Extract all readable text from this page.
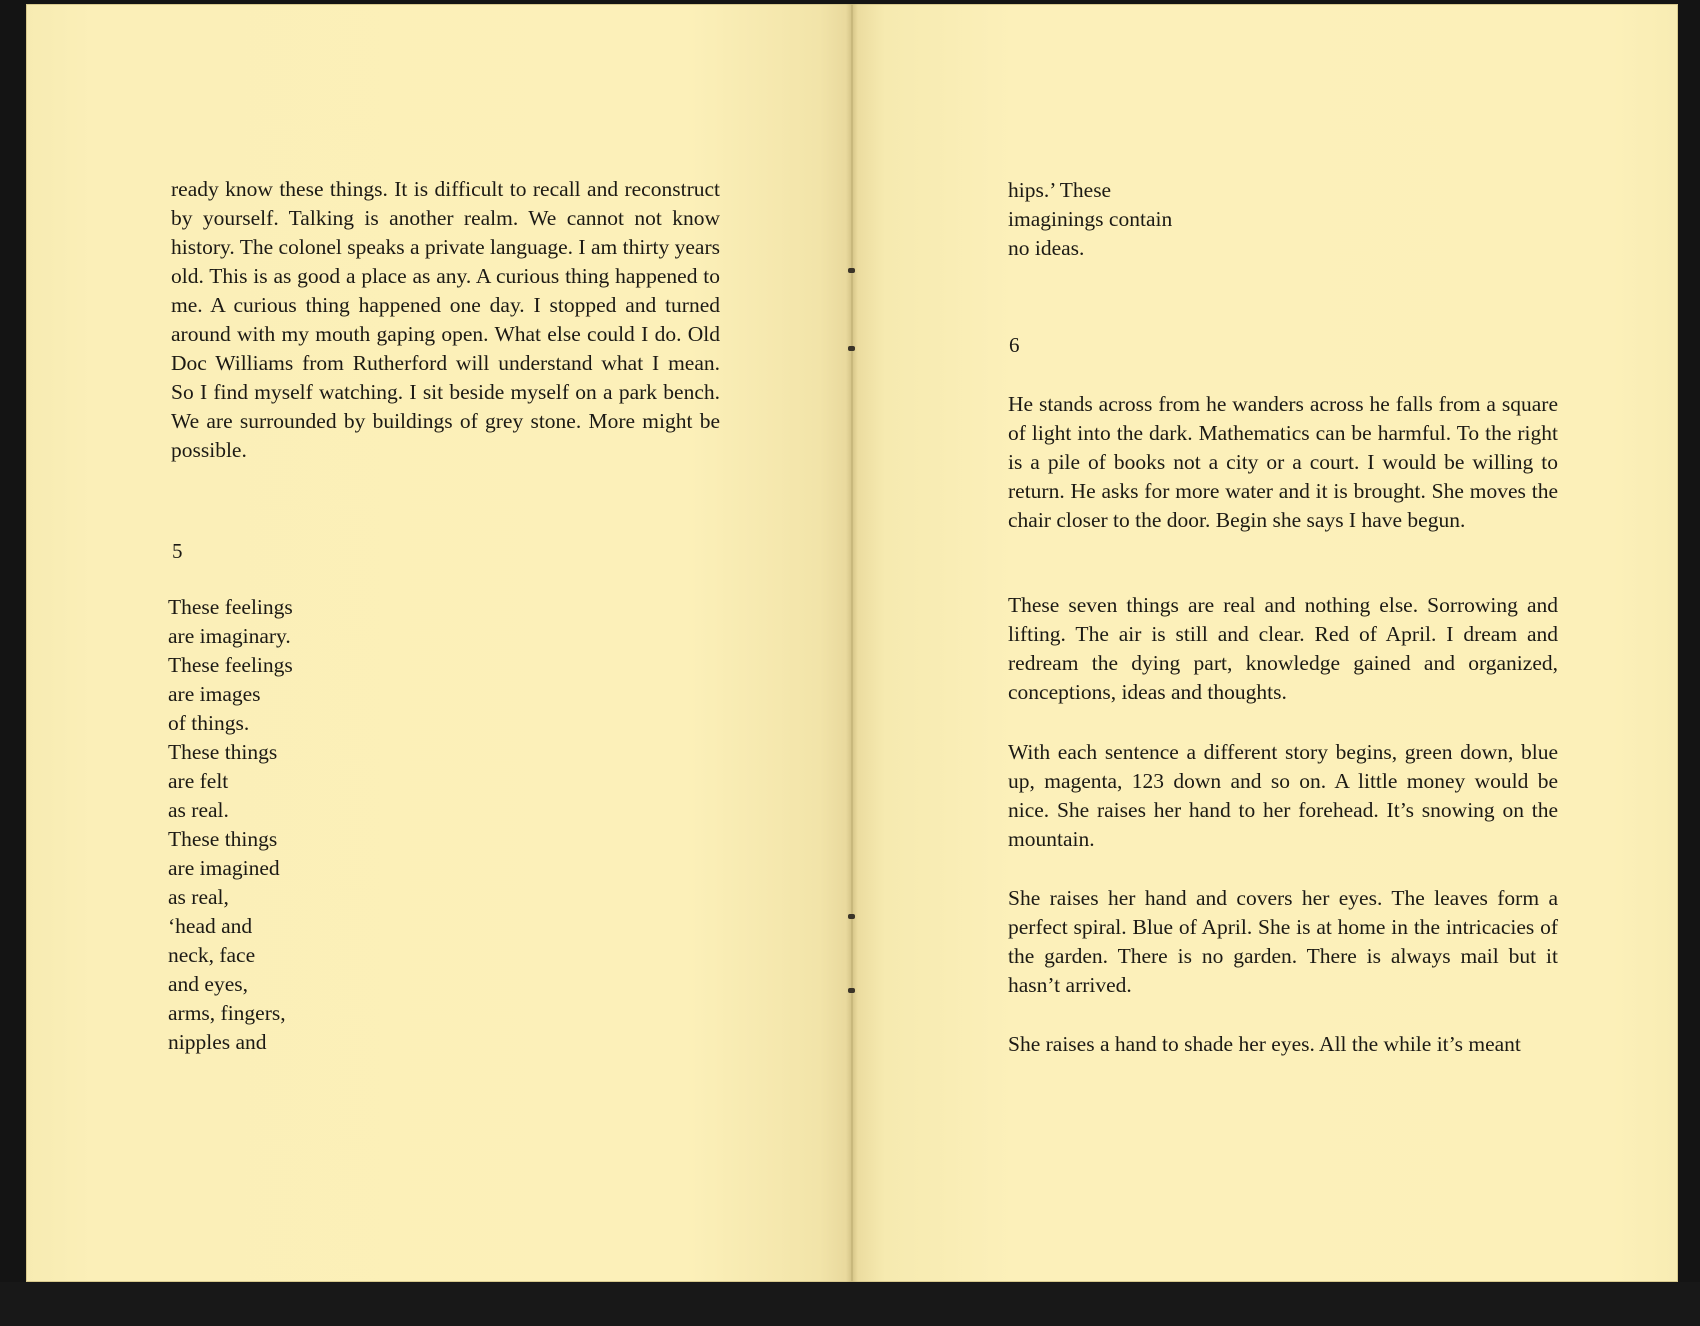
ready know these things. It is difficult to recall and reconstruct by yourself. Talking is another realm. We cannot not know history. The colonel speaks a private language. I am thirty years old. This is as good a place as any. A curious thing happened to me. A curious thing happened one day. I stopped and turned around with my mouth gaping open. What else could I do. Old Doc Williams from Rutherford will understand what I mean. So I find myself watching. I sit beside myself on a park bench. We are surrounded by buildings of grey stone. More might be possible.

5
These feelings
are imaginary.
These feelings
are images
of things.
These things
are felt
as real.
These things
are imagined
as real,
‘head and
neck, face
and eyes,
arms, fingers,
nipples and
hips.’ These
imaginings contain
no ideas.
6

He stands across from he wanders across he falls from a square of light into the dark. Mathematics can be harmful. To the right is a pile of books not a city or a court. I would be willing to return. He asks for more water and it is brought. She moves the chair closer to the door. Begin she says I have begun.

These seven things are real and nothing else. Sorrowing and lifting. The air is still and clear. Red of April. I dream and redream the dying part, knowledge gained and organized, conceptions, ideas and thoughts.

With each sentence a different story begins, green down, blue up, magenta, 123 down and so on. A little money would be nice. She raises her hand to her forehead. It’s snowing on the mountain.

She raises her hand and covers her eyes. The leaves form a perfect spiral. Blue of April. She is at home in the intricacies of the garden. There is no garden. There is always mail but it hasn’t arrived.

She raises a hand to shade her eyes. All the while it’s meant
